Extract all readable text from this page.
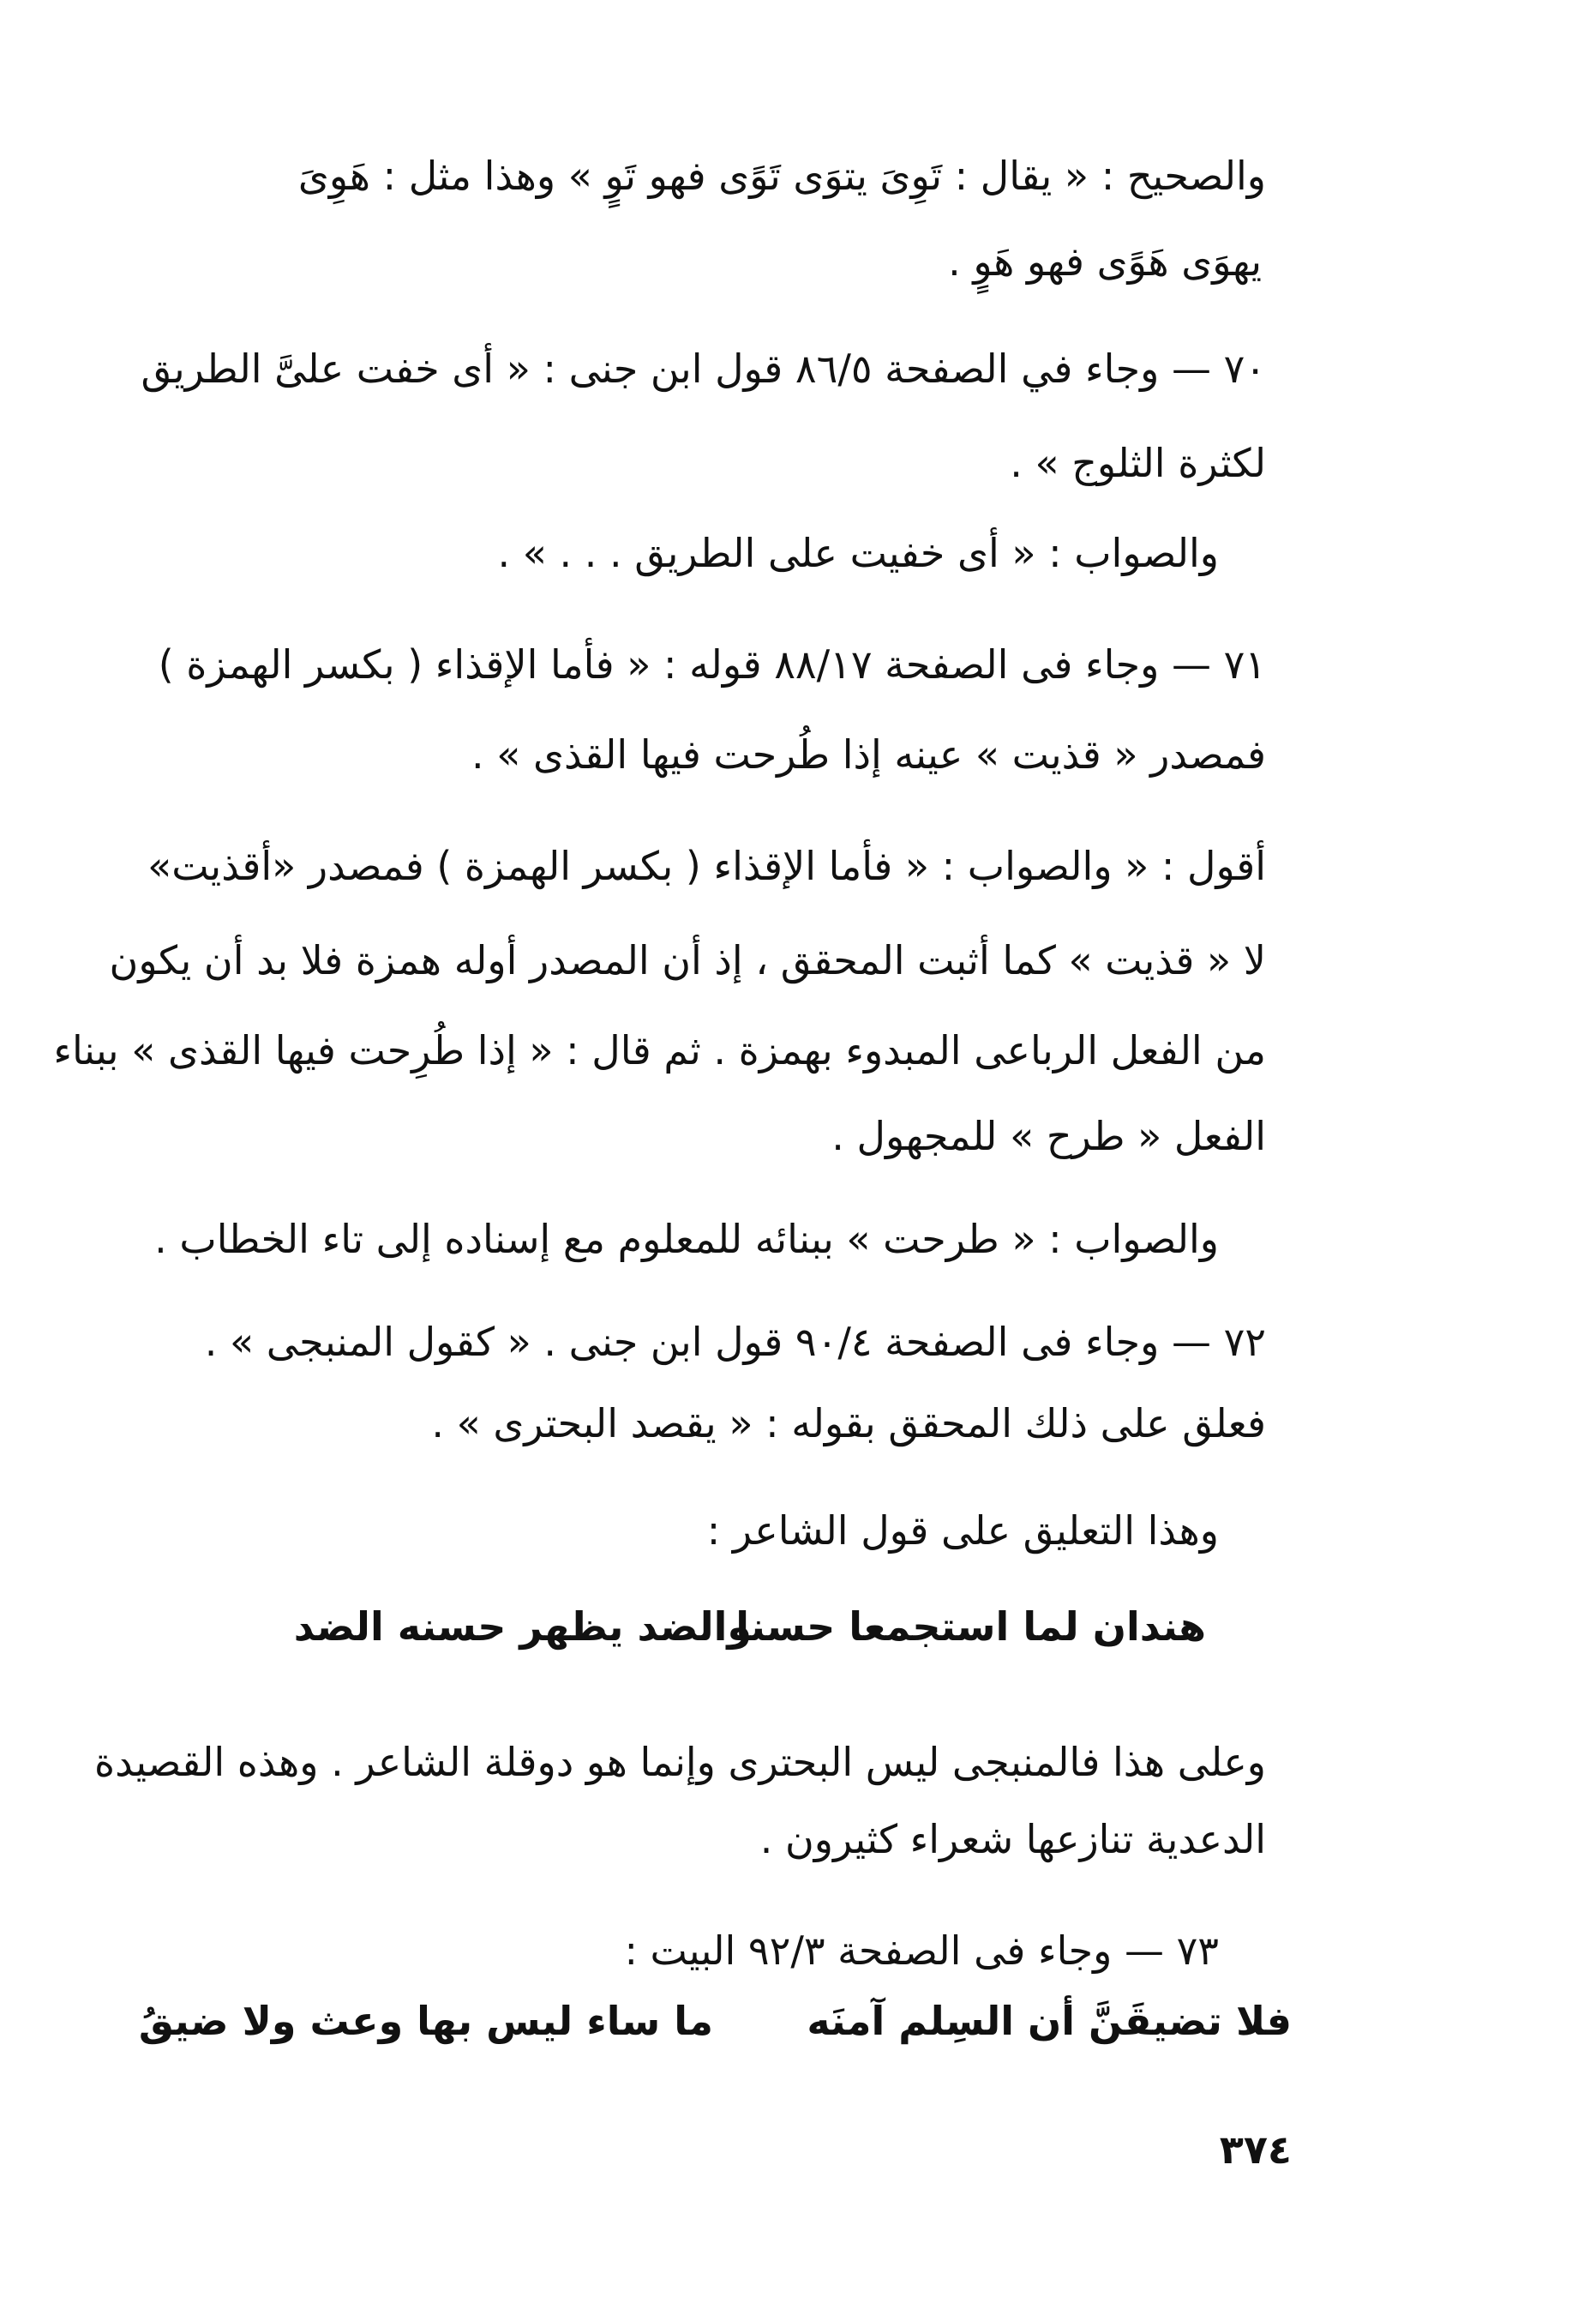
والصحيح : « يقال : تَوِىَ يتوَى تَوًى فهو تَوٍ » وهذا مثل : هَوِىَ
يهوَى هَوًى فهو هَوٍ .
٧٠ — وجاء في الصفحة ٨٦/٥ قول ابن جنى : « أى خفت علىَّ الطريق
لكثرة الثلوج » .
والصواب : « أى خفيت على الطريق . . . » .
٧١ — وجاء فى الصفحة ٨٨/١٧ قوله : « فأما الإقذاء ( بكسر الهمزة )
فمصدر « قذيت » عينه إذا طُرحت فيها القذى » .
أقول : « والصواب : « فأما الإقذاء ( بكسر الهمزة ) فمصدر «أقذيت»
لا « قذيت » كما أثبت المحقق ، إذ أن المصدر أوله همزة فلا بد أن يكون
من الفعل الرباعى المبدوء بهمزة . ثم قال : « إذا طُرِحت فيها القذى » ببناء
الفعل « طرح » للمجهول .
والصواب : « طرحت » ببنائه للمعلوم مع إسناده إلى تاء الخطاب .
٧٢ — وجاء فى الصفحة ٩٠/٤ قول ابن جنى . « كقول المنبجى » .
فعلق على ذلك المحقق بقوله : « يقصد البحترى » .
وهذا التعليق على قول الشاعر :
هندان لما استجمعا حسنا
والضد يظهر حسنه الضد
وعلى هذا فالمنبجى ليس البحترى وإنما هو دوقلة الشاعر . وهذه القصيدة
الدعدية تنازعها شعراء كثيرون .
٧٣ — وجاء فى الصفحة ٩٢/٣ البيت :
فلا تضيقَنَّ أن السِلم آمنَه
ما ساء ليس بها وعث ولا ضيقُ
٣٧٤
